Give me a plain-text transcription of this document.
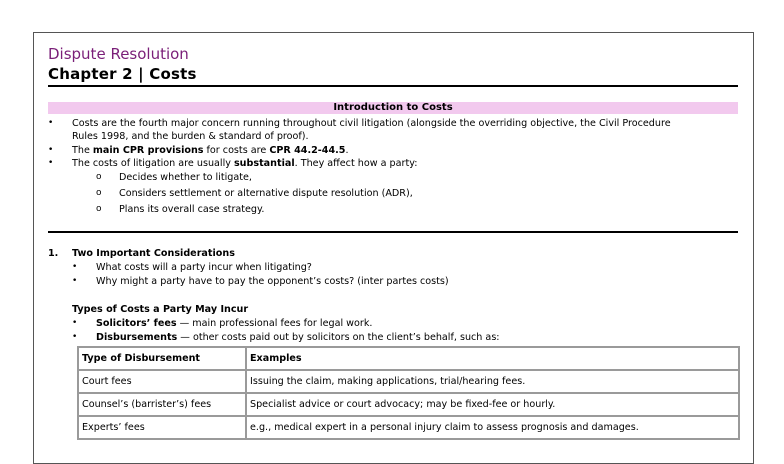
Dispute Resolution
Chapter 2 | Costs
Introduction to Costs
• Costs are the fourth major concern running throughout civil litigation (alongside the overriding objective, the Civil Procedure
Rules 1998, and the burden & standard of proof).
• The main CPR provisions for costs are CPR 44.2-44.5.
• The costs of litigation are usually substantial. They affect how a party:
o Decides whether to litigate,
o Considers settlement or alternative dispute resolution (ADR),
o Plans its overall case strategy.
1. Two Important Considerations
• What costs will a party incur when litigating?
• Why might a party have to pay the opponent’s costs? (inter partes costs)
Types of Costs a Party May Incur
• Solicitors’ fees — main professional fees for legal work.
• Disbursements — other costs paid out by solicitors on the client’s behalf, such as:
Type of Disbursement	Examples
Court fees	Issuing the claim, making applications, trial/hearing fees.
Counsel’s (barrister’s) fees	Specialist advice or court advocacy; may be fixed-fee or hourly.
Experts’ fees	e.g., medical expert in a personal injury claim to assess prognosis and damages.
